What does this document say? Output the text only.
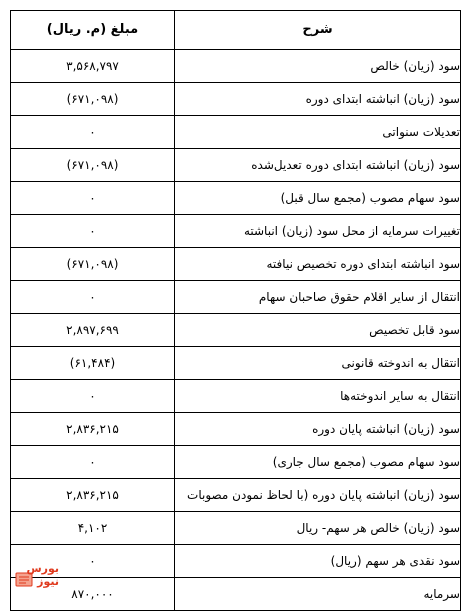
شرح	مبلغ (م. ریال)
سود (زیان) خالص	۳,۵۶۸,۷۹۷
سود (زیان) انباشته ابتدای دوره	(۶۷۱,۰۹۸)
تعدیلات سنواتی	۰
سود (زیان) انباشته ابتدای دوره تعدیل‌شده	(۶۷۱,۰۹۸)
سود سهام مصوب (مجمع سال قبل)	۰
تغییرات سرمایه از محل سود (زیان) انباشته	۰
سود انباشته ابتدای دوره تخصیص نیافته	(۶۷۱,۰۹۸)
انتقال از سایر اقلام حقوق صاحبان سهام	۰
سود قابل تخصیص	۲,۸۹۷,۶۹۹
انتقال به اندوخته قانونی	(۶۱,۴۸۴)
انتقال به سایر اندوخته‌ها	۰
سود (زیان) انباشته پایان دوره	۲,۸۳۶,۲۱۵
سود سهام مصوب (مجمع سال جاری)	۰
سود (زیان) انباشته پایان دوره (با لحاظ نمودن مصوبات	۲,۸۳۶,۲۱۵
سود (زیان) خالص هر سهم- ریال	۴,۱۰۲
سود نقدی هر سهم (ریال)	۰
سرمایه	۸۷۰,۰۰۰
بورس نیوز
